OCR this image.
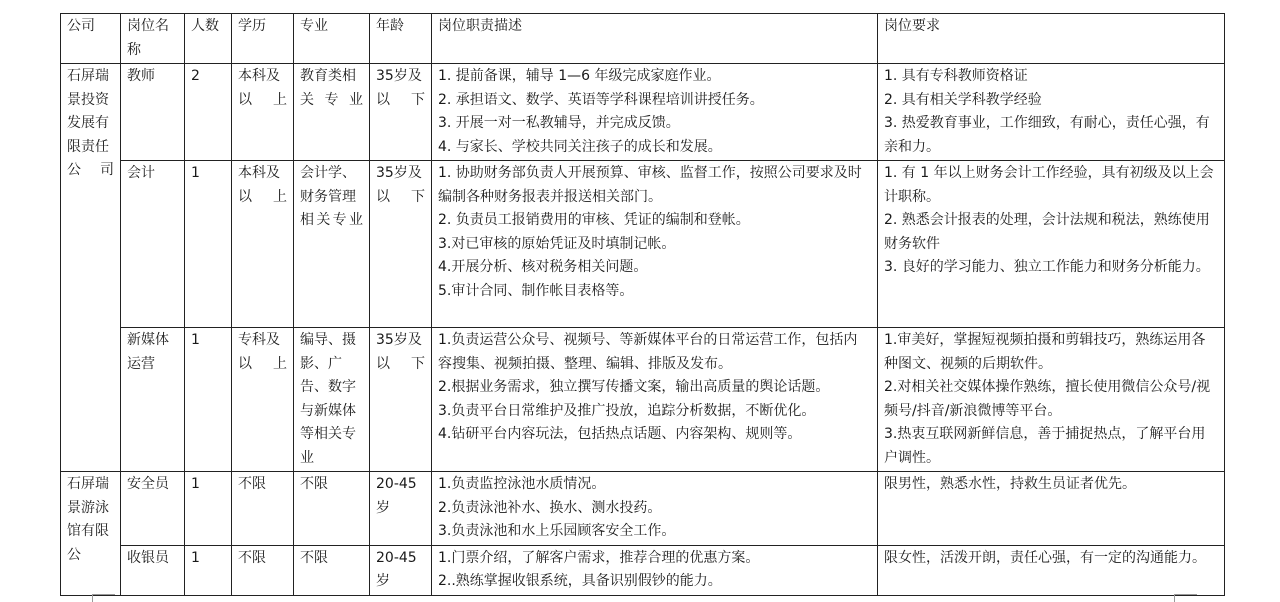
公司	岗位名称	人数	学历	专业	年龄	岗位职责描述	岗位要求
石屏瑞景投资发展有限责任公司	教师	2	本科及以上	教育类相关专业	35岁及以下	1. 提前备课，辅导 1—6 年级完成家庭作业。
2. 承担语文、数学、英语等学科课程培训讲授任务。
3. 开展一对一私教辅导，并完成反馈。
4. 与家长、学校共同关注孩子的成长和发展。	1. 具有专科教师资格证
2. 具有相关学科教学经验
3. 热爱教育事业，工作细致，有耐心，责任心强，有亲和力。

	会计	1	本科及以上	会计学、财务管理相关专业	35岁及以下	1. 协助财务部负责人开展预算、审核、监督工作，按照公司要求及时编制各种财务报表并报送相关部门。
2. 负责员工报销费用的审核、凭证的编制和登帐。
3.对已审核的原始凭证及时填制记帐。
4.开展分析、核对税务相关问题。
5.审计合同、制作帐目表格等。	1. 有 1 年以上财务会计工作经验，具有初级及以上会计职称。
2. 熟悉会计报表的处理，会计法规和税法，熟练使用财务软件
3. 良好的学习能力、独立工作能力和财务分析能力。

	新媒体运营	1	专科及以上	编导、摄影、广告、数字与新媒体等相关专业	35岁及以下	1.负责运营公众号、视频号、等新媒体平台的日常运营工作，包括内容搜集、视频拍摄、整理、编辑、排版及发布。
2.根据业务需求，独立撰写传播文案，输出高质量的舆论话题。
3.负责平台日常维护及推广投放，追踪分析数据，不断优化。
4.钻研平台内容玩法，包括热点话题、内容架构、规则等。	1.审美好，掌握短视频拍摄和剪辑技巧，熟练运用各种图文、视频的后期软件。
2.对相关社交媒体操作熟练，擅长使用微信公众号/视频号/抖音/新浪微博等平台。
3.热衷互联网新鲜信息，善于捕捉热点，了解平台用户调性。

石屏瑞景游泳馆有限公	安全员	1	不限	不限	20-45岁	1.负责监控泳池水质情况。
2.负责泳池补水、换水、测水投药。
3.负责泳池和水上乐园顾客安全工作。	限男性，熟悉水性，持救生员证者优先。

	收银员	1	不限	不限	20-45岁	1.门票介绍，了解客户需求，推荐合理的优惠方案。
2..熟练掌握收银系统，具备识别假钞的能力。	限女性，活泼开朗，责任心强，有一定的沟通能力。
